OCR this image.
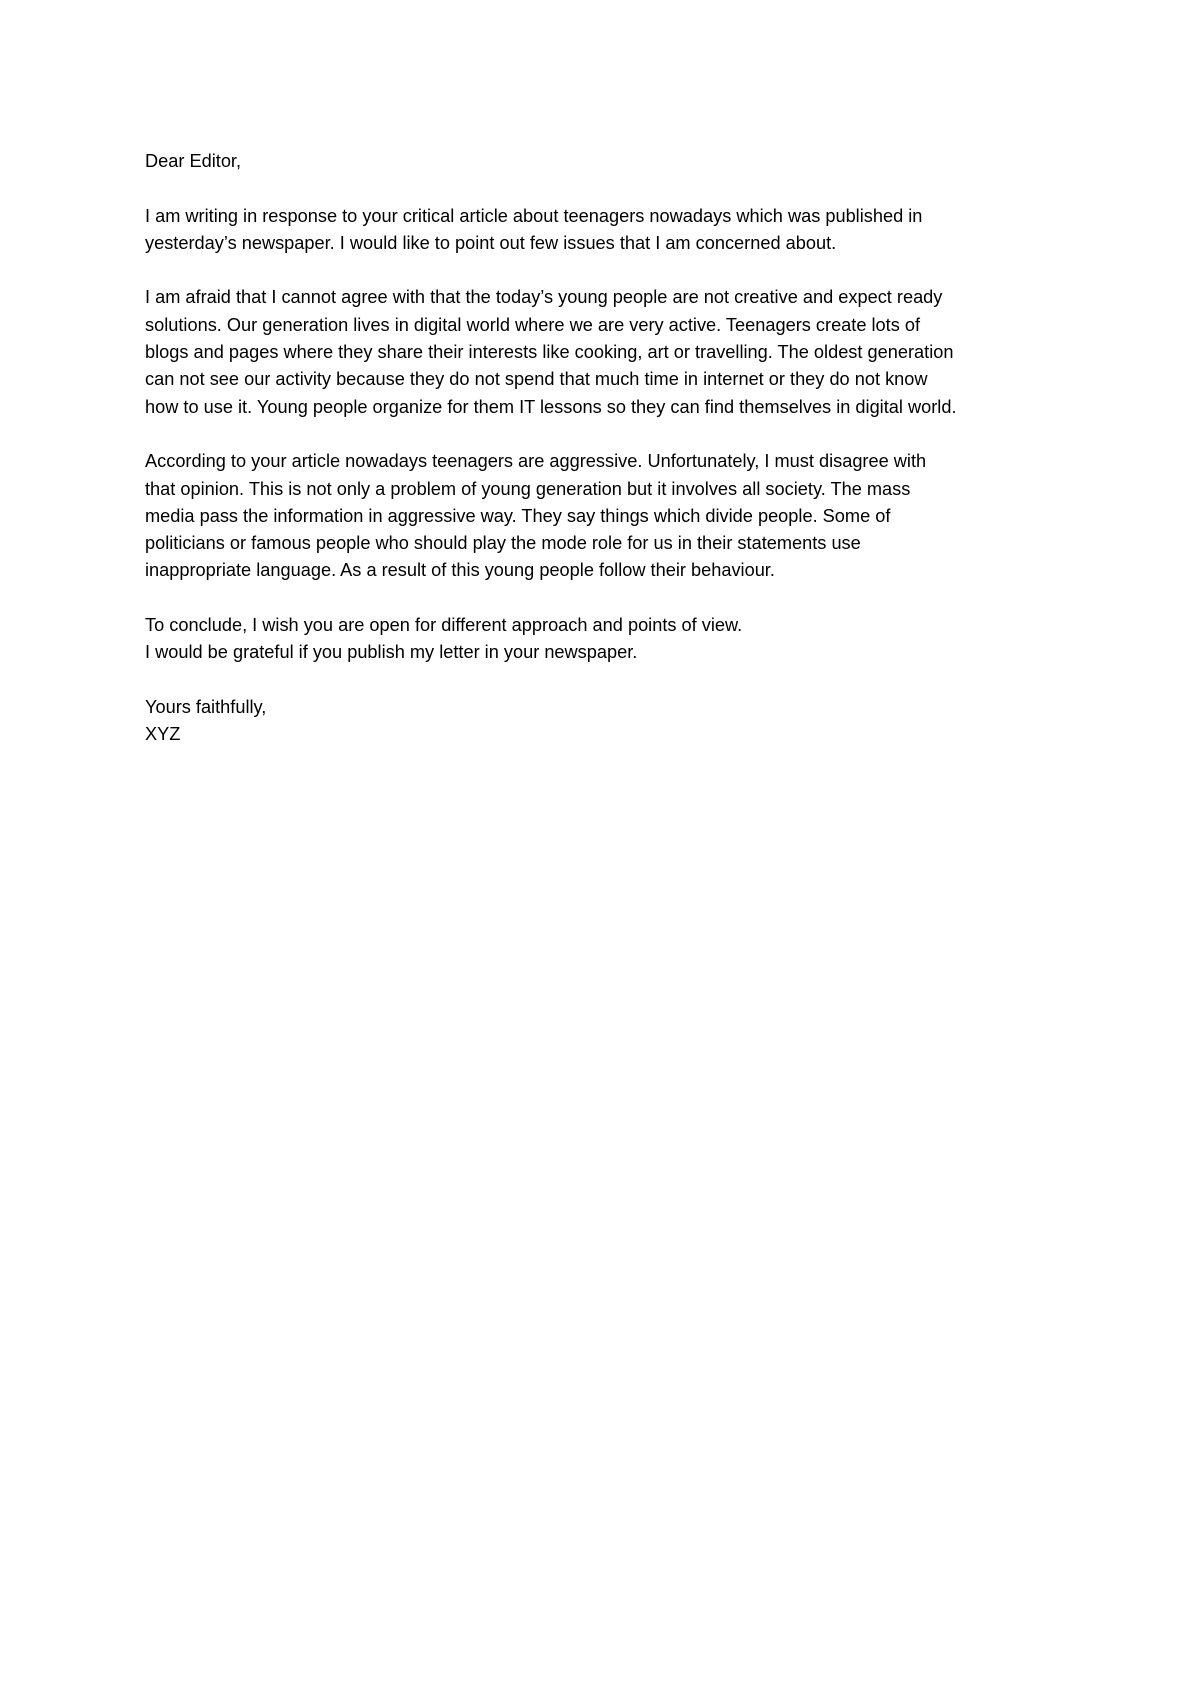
Dear Editor,
I am writing in response to your critical article about teenagers nowadays which was published in
yesterday’s newspaper. I would like to point out few issues that I am concerned about.
I am afraid that I cannot agree with that the today’s young people are not creative and expect ready
solutions. Our generation lives in digital world where we are very active. Teenagers create lots of
blogs and pages where they share their interests like cooking, art or travelling. The oldest generation
can not see our activity because they do not spend that much time in internet or they do not know
how to use it. Young people organize for them IT lessons so they can find themselves in digital world.
According to your article nowadays teenagers are aggressive. Unfortunately, I must disagree with
that opinion. This is not only a problem of young generation but it involves all society. The mass
media pass the information in aggressive way. They say things which divide people. Some of
politicians or famous people who should play the mode role for us in their statements use
inappropriate language. As a result of this young people follow their behaviour.
To conclude, I wish you are open for different approach and points of view.
I would be grateful if you publish my letter in your newspaper.
Yours faithfully,
XYZ
